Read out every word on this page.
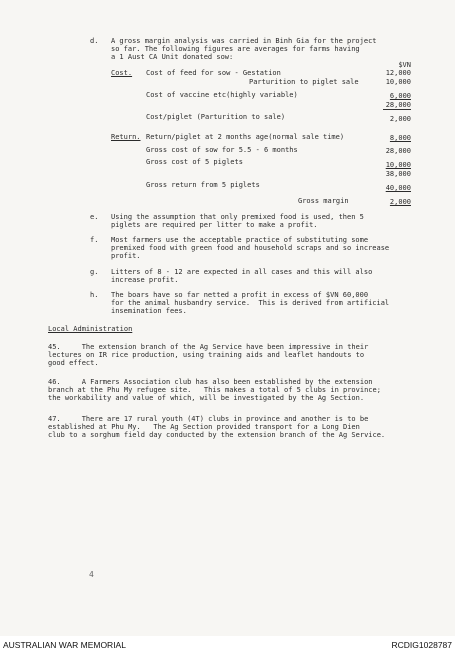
d. A gross margin analysis was carried in Binh Gia for the project
so far. The following figures are averages for farms having
a 1 Aust CA Unit donated sow:
$VN
Cost. Cost of feed for sow - Gestation	12,000
Parturition to piglet sale	10,000
Cost of vaccine etc(highly variable)	6,000
28,000
Cost/piglet (Parturition to sale)	2,000
Return. Return/piglet at 2 months age(normal sale time)	8,000
Gross cost of sow for 5.5 - 6 months	28,000
Gross cost of 5 piglets	10,000
38,000
Gross return from 5 piglets	40,000
Gross margin	2,000
e. Using the assumption that only premixed food is used, then 5
piglets are required per litter to make a profit.
f. Most farmers use the acceptable practice of substituting some
premixed food with green food and household scraps and so increase
profit.
g. Litters of 8 - 12 are expected in all cases and this will also
increase profit.
h. The boars have so far netted a profit in excess of $VN 60,000
for the animal husbandry service.  This is derived from artificial
insemination fees.
Local Administration
45.     The extension branch of the Ag Service have been impressive in their
lectures on IR rice production, using training aids and leaflet handouts to
good effect.
46.     A Farmers Association club has also been established by the extension
branch at the Phu My refugee site.   This makes a total of 5 clubs in province;
the workability and value of which, will be investigated by the Ag Section.
47.     There are 17 rural youth (4T) clubs in province and another is to be
established at Phu My.   The Ag Section provided transport for a Long Dien
club to a sorghum field day conducted by the extension branch of the Ag Service.
4
AUSTRALIAN WAR MEMORIAL	RCDIG1028787
